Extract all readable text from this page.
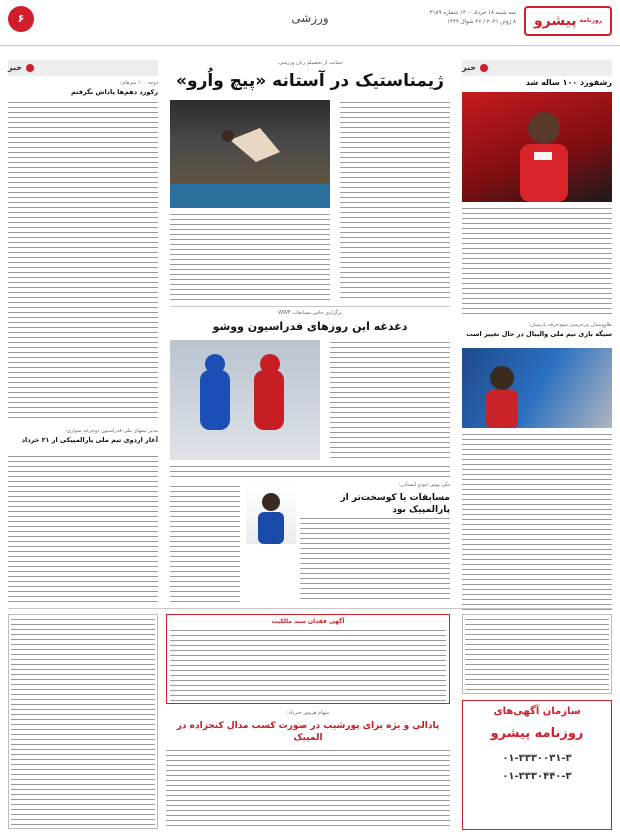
روزنامه
پیشرو
سه شنبه ۱۸ خرداد ۱۴۰۰ شماره ۳۱۸۹
۸ ژوئن ۲۰۲۱ / ۲۶ شوال ۱۴۴۲
ورزشی
۶
خبر
رشفورد ۱۰۰ ساله شد
طاووسیان بی‌حرمتی سودخرفه پارسیان:
سیگه بازی تیم ملی والیبال در حال تغییر است
حمایت از تحصیلم زنان ورزشی:
ژیمناستیک در آستانه «پیچ واُرو»
برگزاری جاس مسابقات WWF
دغدغه این روزهای فدراسیون ووشو
ملی پوش جودو ایستادن:
مسابقات با کوسخت‌تر از پارالمپیک بود
خبر
دوچه ۱۰۰ مترهای:
رکورد دهم‌ها پاداش نگرفتم
مدیر تیمهای ملی فدراسیون دوچرخه سواری:
آغاز اردوی تیم ملی پارالمپیکی از ۲۱ خرداد
آگهی فقدان سند مالکیت
سهام هرمور خبرداد:
پادالی و یژه برای پورشیب در صورت کسب مدال کنجزاده در المپیک
سازمان آگهی‌های
روزنامه پیشرو
۰۱-۳۳۳۰۰۳۱-۳
۰۱-۳۳۳۰۴۴۰-۳
